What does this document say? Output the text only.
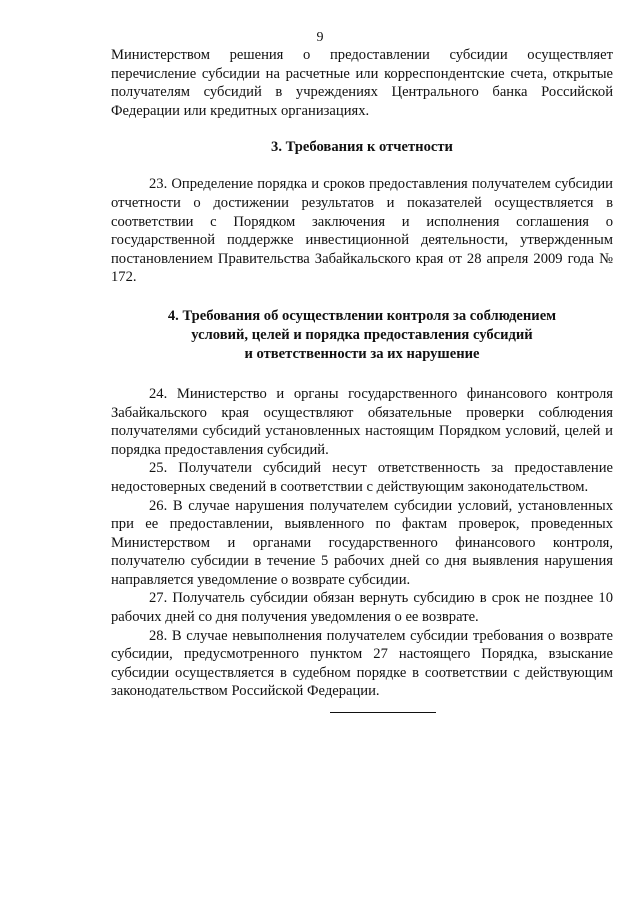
9

Министерством решения о предоставлении субсидии осуществляет перечисление субсидии на расчетные или корреспондентские счета, открытые получателям субсидий в учреждениях Центрального банка Российской Федерации или кредитных организациях.

3. Требования к отчетности

23. Определение порядка и сроков предоставления получателем субсидии отчетности о достижении результатов и показателей осуществляется в соответствии с Порядком заключения и исполнения соглашения о государственной поддержке инвестиционной деятельности, утвержденным постановлением Правительства Забайкальского края от 28 апреля 2009 года № 172.

4. Требования об осуществлении контроля за соблюдением
условий, целей и порядка предоставления субсидий
и ответственности за их нарушение

24. Министерство и органы государственного финансового контроля Забайкальского края осуществляют обязательные проверки соблюдения получателями субсидий установленных настоящим Порядком условий, целей и порядка предоставления субсидий.

25. Получатели субсидий несут ответственность за предоставление недостоверных сведений в соответствии с действующим законодательством.

26. В случае нарушения получателем субсидии условий, установленных при ее предоставлении, выявленного по фактам проверок, проведенных Министерством и органами государственного финансового контроля, получателю субсидии в течение 5 рабочих дней со дня выявления нарушения направляется уведомление о возврате субсидии.

27. Получатель субсидии обязан вернуть субсидию в срок не позднее 10 рабочих дней со дня получения уведомления о ее возврате.

28. В случае невыполнения получателем субсидии требования о возврате субсидии, предусмотренного пунктом 27 настоящего Порядка, взыскание субсидии осуществляется в судебном порядке в соответствии с действующим законодательством Российской Федерации.
